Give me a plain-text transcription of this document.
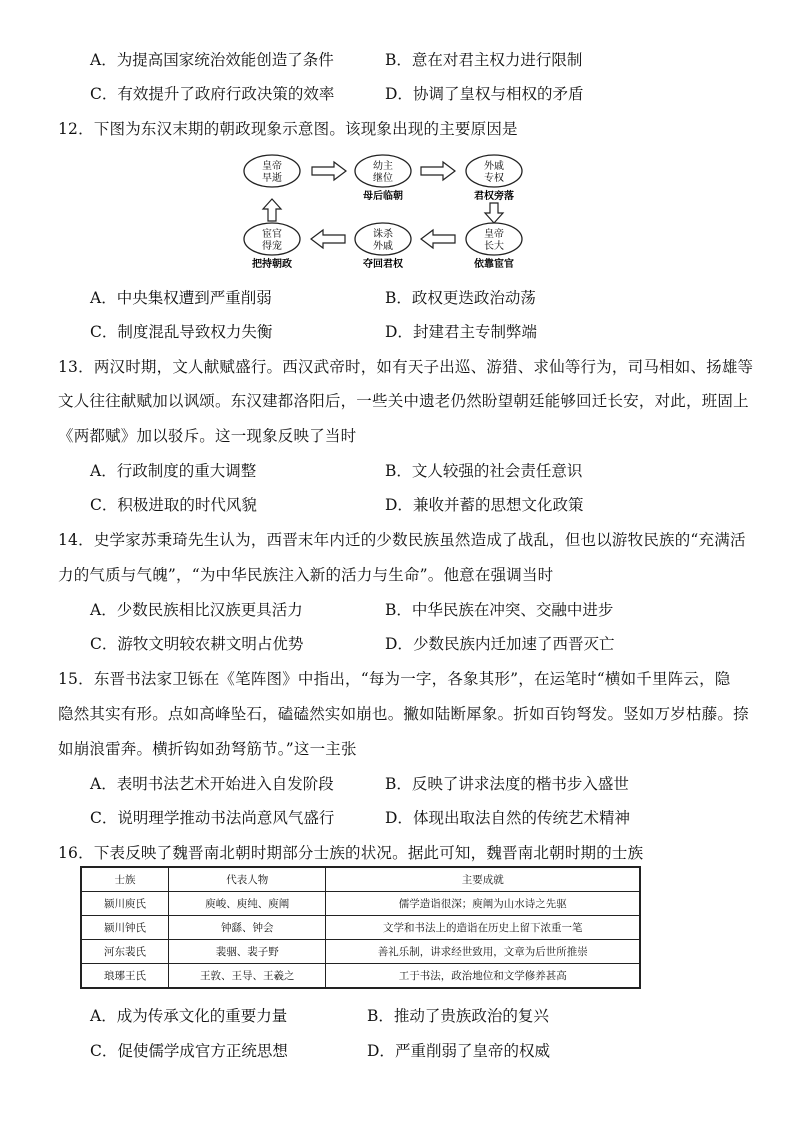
A．为提高国家统治效能创造了条件	B．意在对君主权力进行限制
C．有效提升了政府行政决策的效率	D．协调了皇权与相权的矛盾
12．下图为东汉末期的朝政现象示意图。该现象出现的主要原因是
皇帝
早逝
幼主
继位
母后临朝
外戚
专权
君权旁落
皇帝
长大
依靠宦官
诛杀
外戚
夺回君权
宦官
得宠
把持朝政
A．中央集权遭到严重削弱	B．政权更迭政治动荡
C．制度混乱导致权力失衡	D．封建君主专制弊端
13．两汉时期，文人献赋盛行。西汉武帝时，如有天子出巡、游猎、求仙等行为，司马相如、扬雄等
文人往往献赋加以讽颂。东汉建都洛阳后，一些关中遗老仍然盼望朝廷能够回迁长安，对此，班固上
《两都赋》加以驳斥。这一现象反映了当时
A．行政制度的重大调整	B．文人较强的社会责任意识
C．积极进取的时代风貌	D．兼收并蓄的思想文化政策
14．史学家苏秉琦先生认为，西晋末年内迁的少数民族虽然造成了战乱，但也以游牧民族的“充满活
力的气质与气魄”，“为中华民族注入新的活力与生命”。他意在强调当时
A．少数民族相比汉族更具活力	B．中华民族在冲突、交融中进步
C．游牧文明较农耕文明占优势	D．少数民族内迁加速了西晋灭亡
15．东晋书法家卫铄在《笔阵图》中指出，“每为一字，各象其形”，在运笔时“横如千里阵云，隐
隐然其实有形。点如高峰坠石，磕磕然实如崩也。撇如陆断犀象。折如百钧弩发。竖如万岁枯藤。捺
如崩浪雷奔。横折钩如劲弩筋节。”这一主张
A．表明书法艺术开始进入自发阶段	B．反映了讲求法度的楷书步入盛世
C．说明理学推动书法尚意风气盛行	D．体现出取法自然的传统艺术精神
16．下表反映了魏晋南北朝时期部分士族的状况。据此可知，魏晋南北朝时期的士族
士族	代表人物	主要成就
颍川庾氏	庾峻、庾纯、庾阐	儒学造诣很深；庾阐为山水诗之先驱
颍川钟氏	钟繇、钟会	文学和书法上的造诣在历史上留下浓重一笔
河东裴氏	裴骃、裴子野	善礼乐制，讲求经世致用，文章为后世所推崇
琅琊王氏	王敦、王导、王羲之	工于书法，政治地位和文学修养甚高
A．成为传承文化的重要力量	B．推动了贵族政治的复兴
C．促使儒学成官方正统思想	D．严重削弱了皇帝的权威
